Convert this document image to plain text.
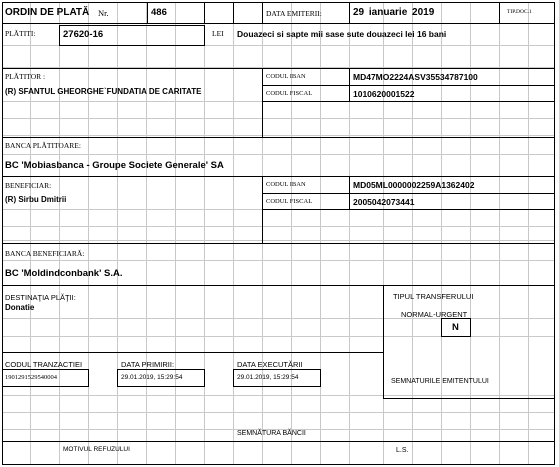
ORDIN DE PLATĂ Nr.	486	DATA EMITERII:	29 ianuarie 2019	TIP.DOC.1
PLĂTITI:	27620-16	LEI Douazeci si sapte mii sase sute douazeci lei 16 bani
PLĂTITOR :
(R) SFANTUL GHEORGHE`FUNDATIA DE CARITATE
CODUL IBAN	MD47MO2224ASV35534787100
CODUL FISCAL	1010620001522
BANCA PLĂTITOARE:
BC 'Mobiasbanca - Groupe Societe Generale' SA
BENEFICIAR:
(R) Sirbu Dmitrii
CODUL IBAN	MD05ML0000002259A1362402
CODUL FISCAL	2005042073441
BANCA BENEFICIARĂ:
BC 'Moldindconbank' S.A.
DESTINAŢIA PLĂŢII:
Donatie
TIPUL TRANSFERULUI
NORMAL-URGENT
N
CODUL TRANZACTIEI
1901291529540004
DATA PRIMIRII:
29.01.2019, 15:29:54
DATA EXECUTĂRII
29.01.2019, 15:29:54
SEMNATURILE EMITENTULUI
SEMNĂTURA BĂNCII
MOTIVUL REFUZULUI	L.S.
